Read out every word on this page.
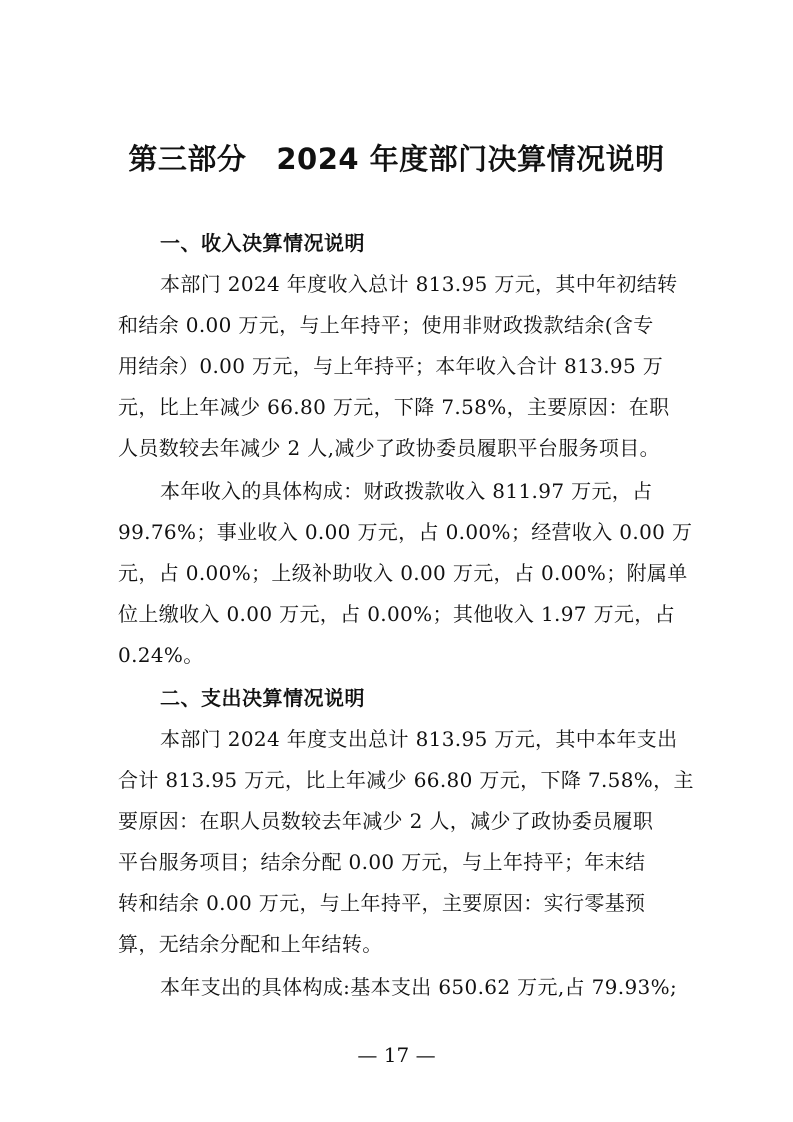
第三部分 2024 年度部门决算情况说明
一、收入决算情况说明
本部门 2024 年度收入总计 813.95 万元，其中年初结转
和结余 0.00 万元，与上年持平；使用非财政拨款结余(含专
用结余）0.00 万元，与上年持平；本年收入合计 813.95 万
元，比上年减少 66.80 万元，下降 7.58%，主要原因：在职
人员数较去年减少 2 人,减少了政协委员履职平台服务项目。
本年收入的具体构成：财政拨款收入 811.97 万元，占
99.76%；事业收入 0.00 万元，占 0.00%；经营收入 0.00 万
元，占 0.00%；上级补助收入 0.00 万元，占 0.00%；附属单
位上缴收入 0.00 万元，占 0.00%；其他收入 1.97 万元，占
0.24%。
二、支出决算情况说明
本部门 2024 年度支出总计 813.95 万元，其中本年支出
合计 813.95 万元，比上年减少 66.80 万元，下降 7.58%，主
要原因：在职人员数较去年减少 2 人，减少了政协委员履职
平台服务项目；结余分配 0.00 万元，与上年持平；年末结
转和结余 0.00 万元，与上年持平，主要原因：实行零基预
算，无结余分配和上年结转。
本年支出的具体构成:基本支出 650.62 万元,占 79.93%;
— 17 —
